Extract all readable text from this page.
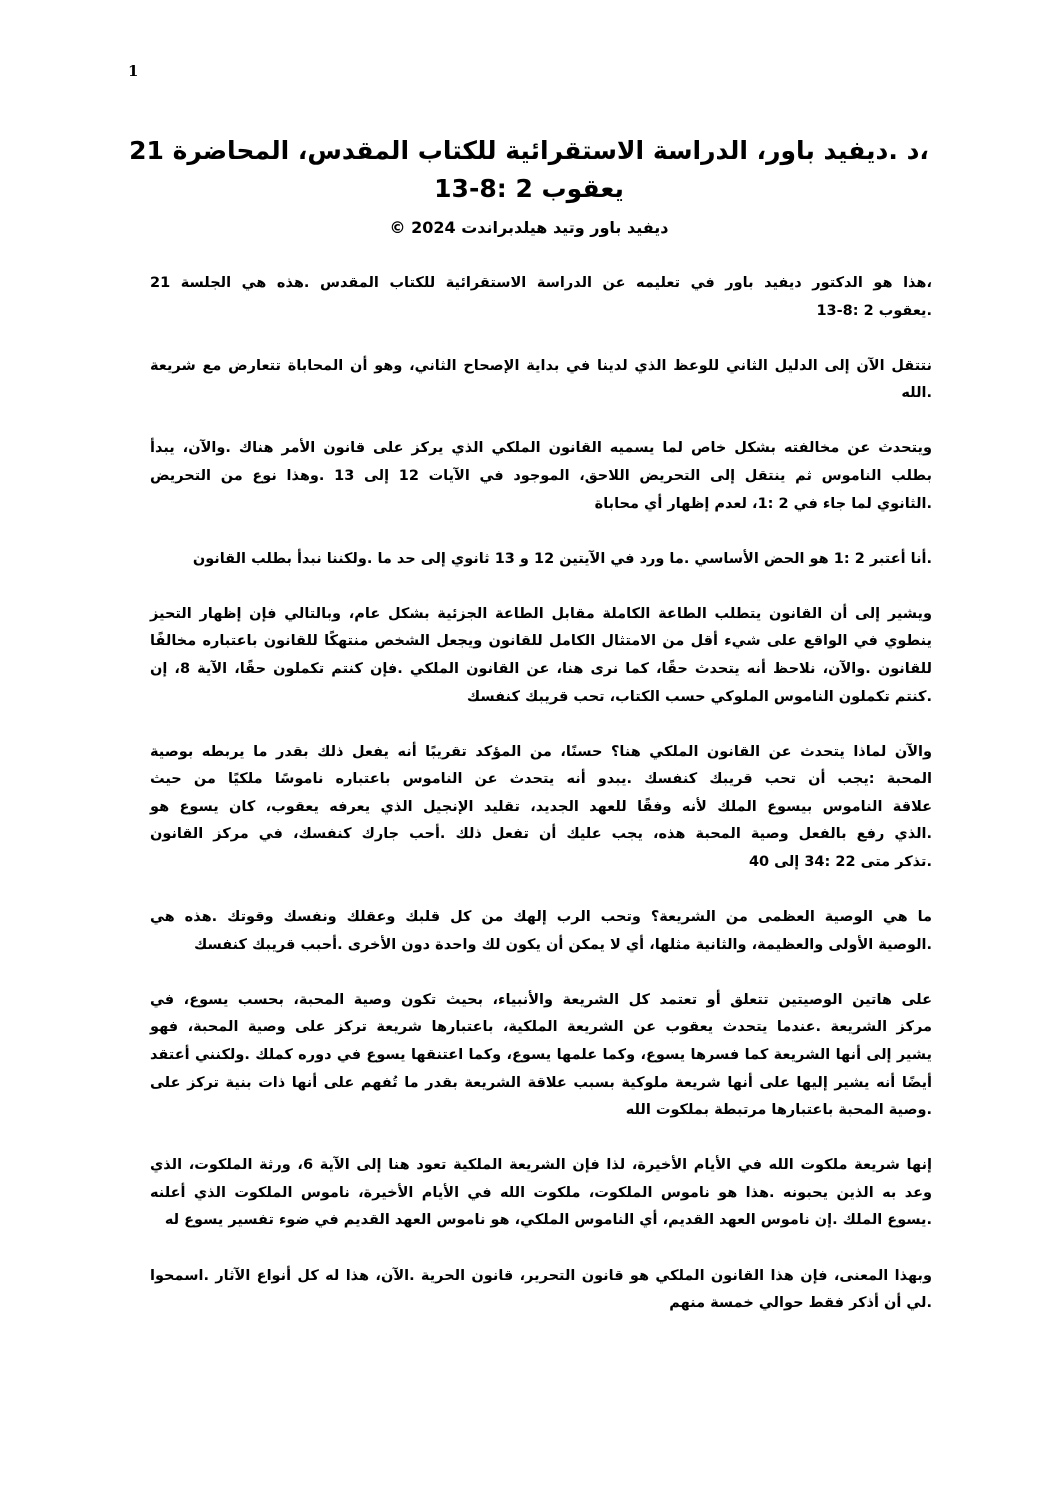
1
،د .ديفيد باور، الدراسة الاستقرائية للكتاب المقدس، المحاضرة 21
يعقوب 2 :8-13
ديفيد باور وتيد هيلدبراندت 2024 ©
،هذا هو الدكتور ديفيد باور في تعليمه عن الدراسة الاستقرائية للكتاب المقدس .هذه هي الجلسة 21
.يعقوب 2 :8-13
نتتقل الآن إلى الدليل الثاني للوعظ الذي لدينا في بداية الإصحاح الثاني، وهو أن المحاباة تتعارض مع شريعة
.الله
ويتحدث عن مخالفته بشكل خاص لما يسميه القانون الملكي الذي يركز على قانون الأمر هناك .والآن، يبدأ
بطلب الناموس ثم ينتقل إلى التحريض اللاحق، الموجود في الآيات 12 إلى 13 .وهذا نوع من التحريض
.الثانوي لما جاء في 2 :1، لعدم إظهار أي محاباة
.أنا أعتبر 2 :1 هو الحض الأساسي .ما ورد في الآيتين 12 و 13 ثانوي إلى حد ما .ولكننا نبدأ بطلب القانون
ويشير إلى أن القانون يتطلب الطاعة الكاملة مقابل الطاعة الجزئية بشكل عام، وبالتالي فإن إظهار التحيز
ينطوي في الواقع على شيء أقل من الامتثال الكامل للقانون ويجعل الشخص منتهكًا للقانون باعتباره مخالفًا
للقانون .والآن، نلاحظ أنه يتحدث حقًا، كما نرى هنا، عن القانون الملكي .فإن كنتم تكملون حقًا، الآية 8، إن
.كنتم تكملون الناموس الملوكي حسب الكتاب، تحب قريبك كنفسك
والآن لماذا يتحدث عن القانون الملكي هنا؟ حسنًا، من المؤكد تقريبًا أنه يفعل ذلك بقدر ما يربطه بوصية
المحبة :يجب أن تحب قريبك كنفسك .يبدو أنه يتحدث عن الناموس باعتباره ناموسًا ملكيًا من حيث
علاقة الناموس بيسوع الملك لأنه وفقًا للعهد الجديد، تقليد الإنجيل الذي يعرفه يعقوب، كان يسوع هو
.الذي رفع بالفعل وصية المحبة هذه، يجب عليك أن تفعل ذلك .أحب جارك كنفسك، في مركز القانون
.تذكر متى 22 :34 إلى 40
ما هي الوصية العظمى من الشريعة؟ وتحب الرب إلهك من كل قلبك وعقلك ونفسك وقوتك .هذه هي
.الوصية الأولى والعظيمة، والثانية مثلها، أي لا يمكن أن يكون لك واحدة دون الأخرى .أحبب قريبك كنفسك
على هاتين الوصيتين تتعلق أو تعتمد كل الشريعة والأنبياء، بحيث تكون وصية المحبة، بحسب يسوع، في
مركز الشريعة .عندما يتحدث يعقوب عن الشريعة الملكية، باعتبارها شريعة تركز على وصية المحبة، فهو
يشير إلى أنها الشريعة كما فسرها يسوع، وكما علمها يسوع، وكما اعتنقها يسوع في دوره كملك .ولكنني أعتقد
أيضًا أنه يشير إليها على أنها شريعة ملوكية بسبب علاقة الشريعة بقدر ما تُفهم على أنها ذات بنية تركز على
.وصية المحبة باعتبارها مرتبطة بملكوت الله
إنها شريعة ملكوت الله في الأيام الأخيرة، لذا فإن الشريعة الملكية تعود هنا إلى الآية 6، ورثة الملكوت، الذي
وعد به الذين يحبونه .هذا هو ناموس الملكوت، ملكوت الله في الأيام الأخيرة، ناموس الملكوت الذي أعلنه
.يسوع الملك .إن ناموس العهد القديم، أي الناموس الملكي، هو ناموس العهد القديم في ضوء تفسير يسوع له
وبهذا المعنى، فإن هذا القانون الملكي هو قانون التحرير، قانون الحرية .الآن، هذا له كل أنواع الآثار .اسمحوا
.لي أن أذكر فقط حوالي خمسة منهم
